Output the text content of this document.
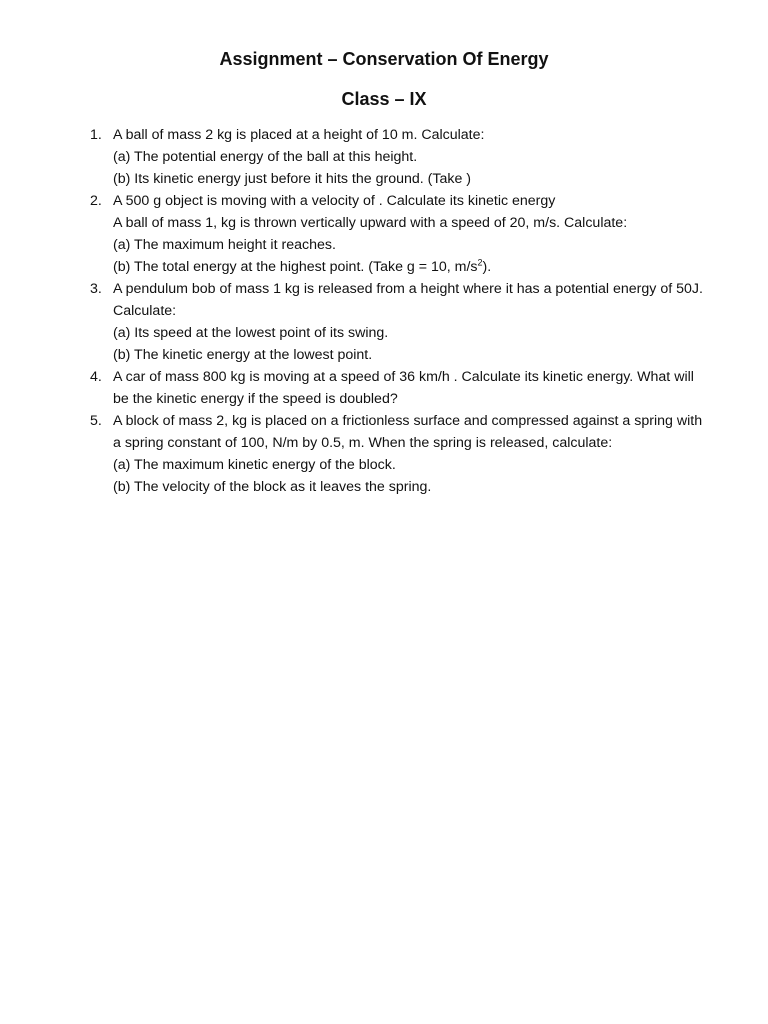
Assignment – Conservation Of Energy
Class – IX
1. A ball of mass 2 kg is placed at a height of 10 m. Calculate:
(a) The potential energy of the ball at this height.
(b) Its kinetic energy just before it hits the ground. (Take )
2. A 500 g object is moving with a velocity of . Calculate its kinetic energy
A ball of mass 1, kg is thrown vertically upward with a speed of 20, m/s. Calculate:
(a) The maximum height it reaches.
(b) The total energy at the highest point. (Take g = 10, $m/s^2$).
3. A pendulum bob of mass 1 kg is released from a height where it has a potential energy of 50J.
Calculate:
(a) Its speed at the lowest point of its swing.
(b) The kinetic energy at the lowest point.
4. A car of mass 800 kg is moving at a speed of 36 km/h . Calculate its kinetic energy. What will
be the kinetic energy if the speed is doubled?
5. A block of mass 2, kg is placed on a frictionless surface and compressed against a spring with
a spring constant of 100, N/m by 0.5, m. When the spring is released, calculate:
(a) The maximum kinetic energy of the block.
(b) The velocity of the block as it leaves the spring.
